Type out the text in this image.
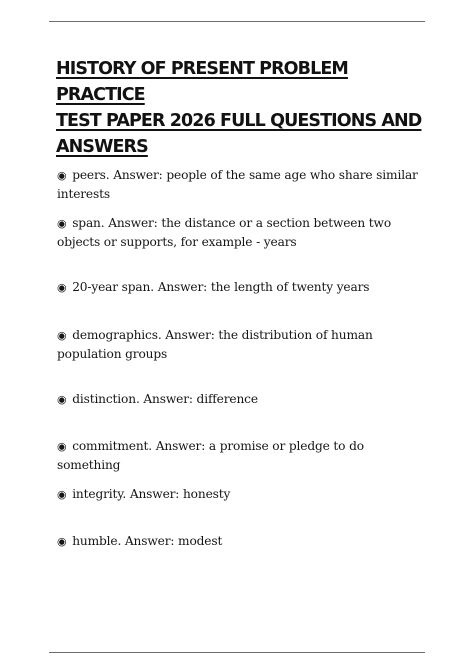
HISTORY OF PRESENT PROBLEM PRACTICE
TEST PAPER 2026 FULL QUESTIONS AND
ANSWERS
◉ peers. Answer: people of the same age who share similar interests
◉ span. Answer: the distance or a section between two objects or supports, for example - years
◉ 20-year span. Answer: the length of twenty years
◉ demographics. Answer: the distribution of human population groups
◉ distinction. Answer: difference
◉ commitment. Answer: a promise or pledge to do something
◉ integrity. Answer: honesty
◉ humble. Answer: modest
